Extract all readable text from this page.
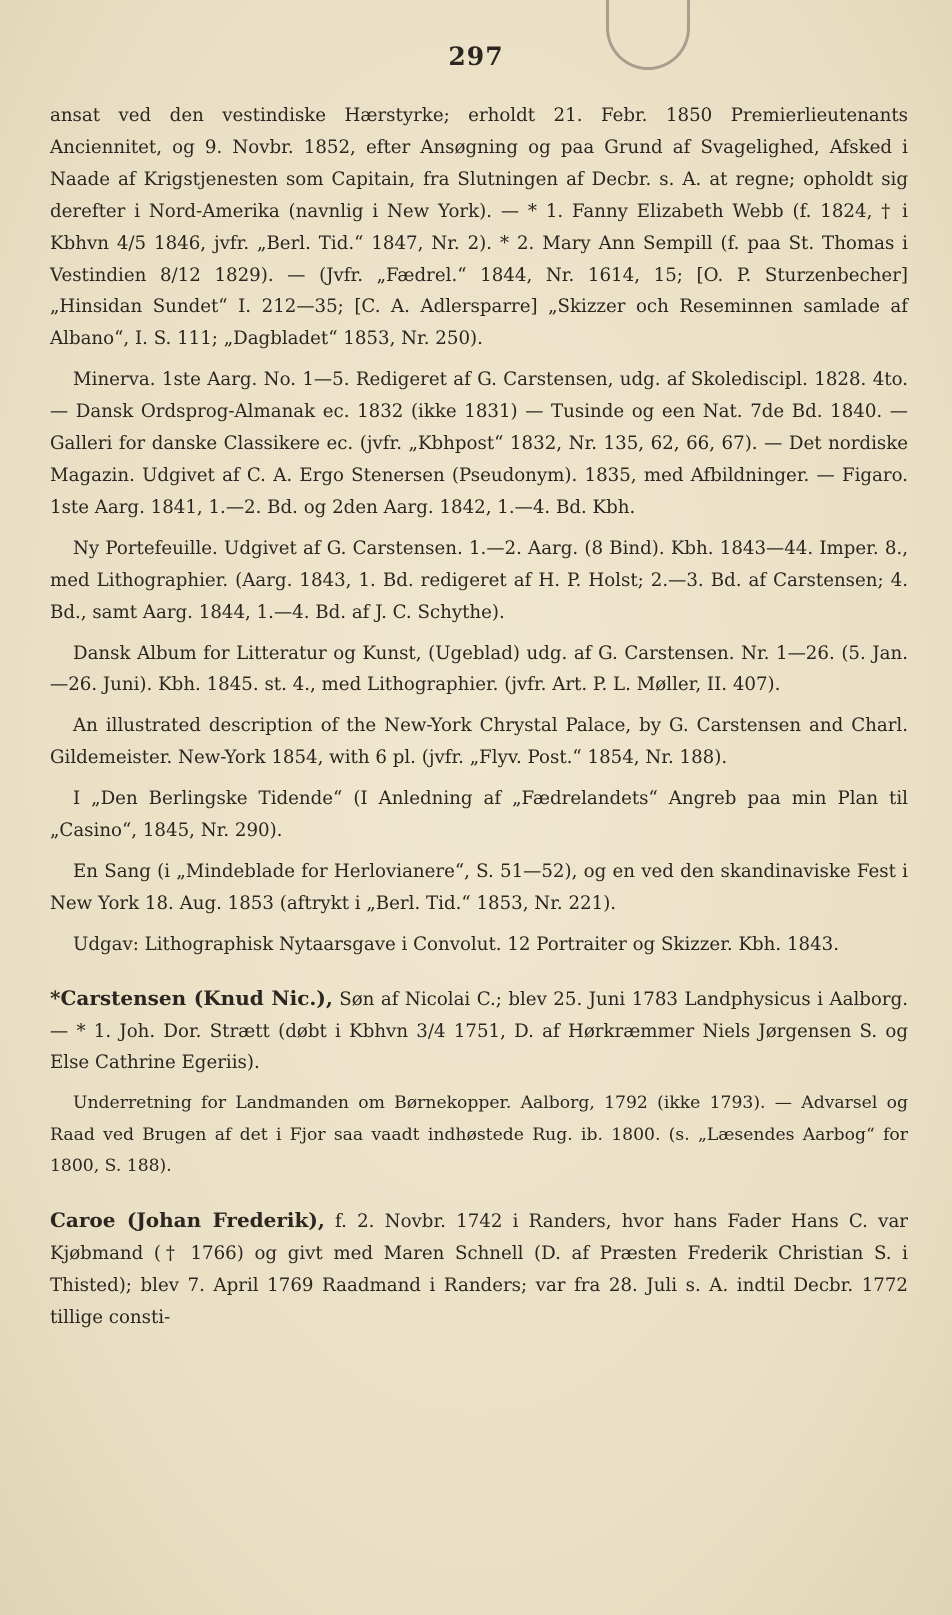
297

ansat ved den vestindiske Hærstyrke; erholdt 21. Febr. 1850 Premierlieutenants Anciennitet, og 9. Novbr. 1852, efter Ansøgning og paa Grund af Svagelighed, Afsked i Naade af Krigstjenesten som Capitain, fra Slutningen af Decbr. s. A. at regne; opholdt sig derefter i Nord-Amerika (navnlig i New York). — * 1. Fanny Elizabeth Webb (f. 1824, † i Kbhvn 4/5 1846, jvfr. „Berl. Tid.“ 1847, Nr. 2). * 2. Mary Ann Sempill (f. paa St. Thomas i Vestindien 8/12 1829). — (Jvfr. „Fædrel.“ 1844, Nr. 1614, 15; [O. P. Sturzenbecher] „Hinsidan Sundet“ I. 212—35; [C. A. Adlersparre] „Skizzer och Reseminnen samlade af Albano“, I. S. 111; „Dagbladet“ 1853, Nr. 250).

Minerva. 1ste Aarg. No. 1—5. Redigeret af G. Carstensen, udg. af Skolediscipl. 1828. 4to. — Dansk Ordsprog-Almanak ec. 1832 (ikke 1831) — Tusinde og een Nat. 7de Bd. 1840. — Galleri for danske Classikere ec. (jvfr. „Kbhpost“ 1832, Nr. 135, 62, 66, 67). — Det nordiske Magazin. Udgivet af C. A. Ergo Stenersen (Pseudonym). 1835, med Afbildninger. — Figaro. 1ste Aarg. 1841, 1.—2. Bd. og 2den Aarg. 1842, 1.—4. Bd. Kbh.

Ny Portefeuille. Udgivet af G. Carstensen. 1.—2. Aarg. (8 Bind). Kbh. 1843—44. Imper. 8., med Lithographier. (Aarg. 1843, 1. Bd. redigeret af H. P. Holst; 2.—3. Bd. af Carstensen; 4. Bd., samt Aarg. 1844, 1.—4. Bd. af J. C. Schythe).

Dansk Album for Litteratur og Kunst, (Ugeblad) udg. af G. Carstensen. Nr. 1—26. (5. Jan.—26. Juni). Kbh. 1845. st. 4., med Lithographier. (jvfr. Art. P. L. Møller, II. 407).

An illustrated description of the New-York Chrystal Palace, by G. Carstensen and Charl. Gildemeister. New-York 1854, with 6 pl. (jvfr. „Flyv. Post.“ 1854, Nr. 188).

I „Den Berlingske Tidende“ (I Anledning af „Fædrelandets“ Angreb paa min Plan til „Casino“, 1845, Nr. 290).

En Sang (i „Mindeblade for Herlovianere“, S. 51—52), og en ved den skandinaviske Fest i New York 18. Aug. 1853 (aftrykt i „Berl. Tid.“ 1853, Nr. 221).

Udgav: Lithographisk Nytaarsgave i Convolut. 12 Portraiter og Skizzer. Kbh. 1843.

*Carstensen (Knud Nic.), Søn af Nicolai C.; blev 25. Juni 1783 Landphysicus i Aalborg. — * 1. Joh. Dor. Strætt (døbt i Kbhvn 3/4 1751, D. af Hørkræmmer Niels Jørgensen S. og Else Cathrine Egeriis).

Underretning for Landmanden om Børnekopper. Aalborg, 1792 (ikke 1793). — Advarsel og Raad ved Brugen af det i Fjor saa vaadt indhøstede Rug. ib. 1800. (s. „Læsendes Aarbog“ for 1800, S. 188).

Caroe (Johan Frederik), f. 2. Novbr. 1742 i Randers, hvor hans Fader Hans C. var Kjøbmand († 1766) og givt med Maren Schnell (D. af Præsten Frederik Christian S. i Thisted); blev 7. April 1769 Raadmand i Randers; var fra 28. Juli s. A. indtil Decbr. 1772 tillige consti-
